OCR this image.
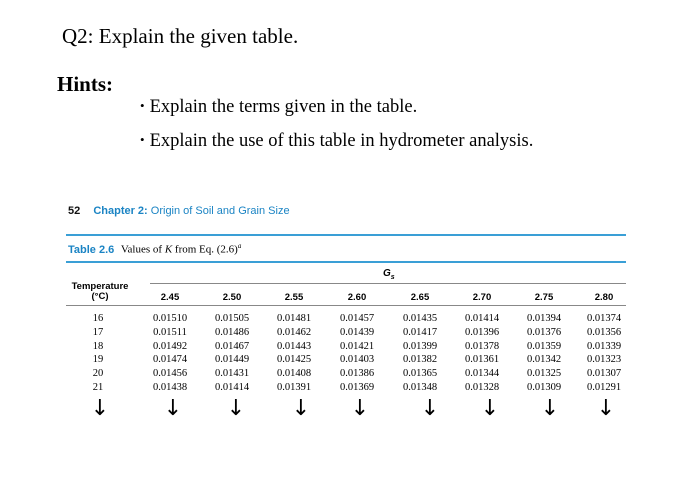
Q2: Explain the given table.
Hints:
• Explain the terms given in the table.
• Explain the use of this table in hydrometer analysis.
52 Chapter 2: Origin of Soil and Grain Size
Table 2.6 Values of K from Eq. $(2.6)^a$
$G_s$
Temperature
(°C)	2.45	2.50	2.55	2.60	2.65	2.70	2.75	2.80
16	0.01510	0.01505	0.01481	0.01457	0.01435	0.01414	0.01394	0.01374
17	0.01511	0.01486	0.01462	0.01439	0.01417	0.01396	0.01376	0.01356
18	0.01492	0.01467	0.01443	0.01421	0.01399	0.01378	0.01359	0.01339
19	0.01474	0.01449	0.01425	0.01403	0.01382	0.01361	0.01342	0.01323
20	0.01456	0.01431	0.01408	0.01386	0.01365	0.01344	0.01325	0.01307
21	0.01438	0.01414	0.01391	0.01369	0.01348	0.01328	0.01309	0.01291
↓ ↓ ↓ ↓ ↓ ↓ ↓ ↓ ↓
